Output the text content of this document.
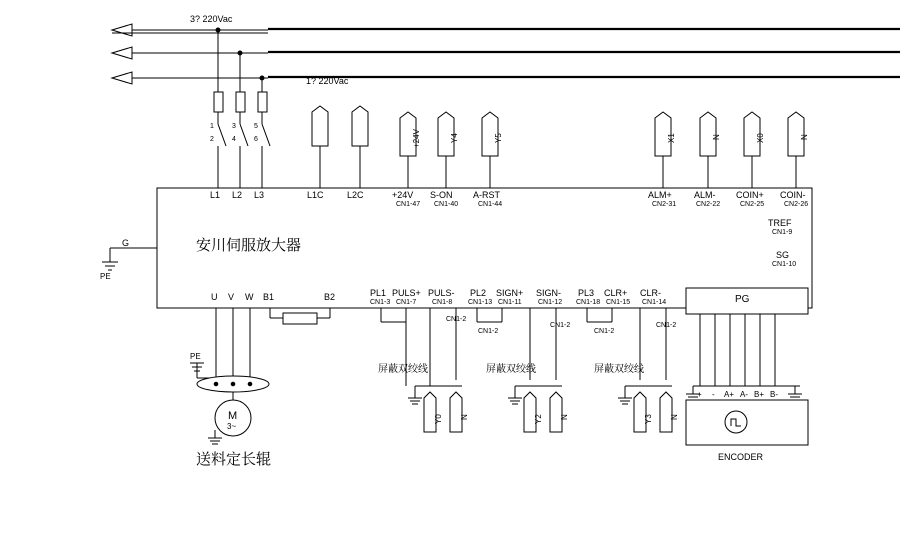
3? 220Vac
1? 220Vac
1
2
3
4
5
6	+24V	Y4	Y5	X1	N	X0	N
L1 L2 L3	L1C	L2C	+24V
CN1-47
S-ON
CN1-40
A-RST
CN1-44
ALM+
CN2-31
ALM-
CN2-22
COIN+
CN2-25
COIN-
CN2-26
TREF
CN1-9
SG
CN1-10
安川伺服放大器
G
PE
U V W B1	B2	PL1
CN1-3
PULS+
CN1-7
PULS-
CN1-8
PL2
CN1-13
SIGN+
CN1-11
SIGN-
CN1-12
PL3
CN1-18
CLR+
CN1-15
CLR-
CN1-14
CN1-2
CN1-2
CN1-2
CN1-2
CN1-2
屏蔽双绞线	屏蔽双绞线	屏蔽双绞线
Y0 N	Y2 N	Y3 N
PE
M
3~
送料定长辊
PG
+ - A+ A- B+ B-
ENCODER
